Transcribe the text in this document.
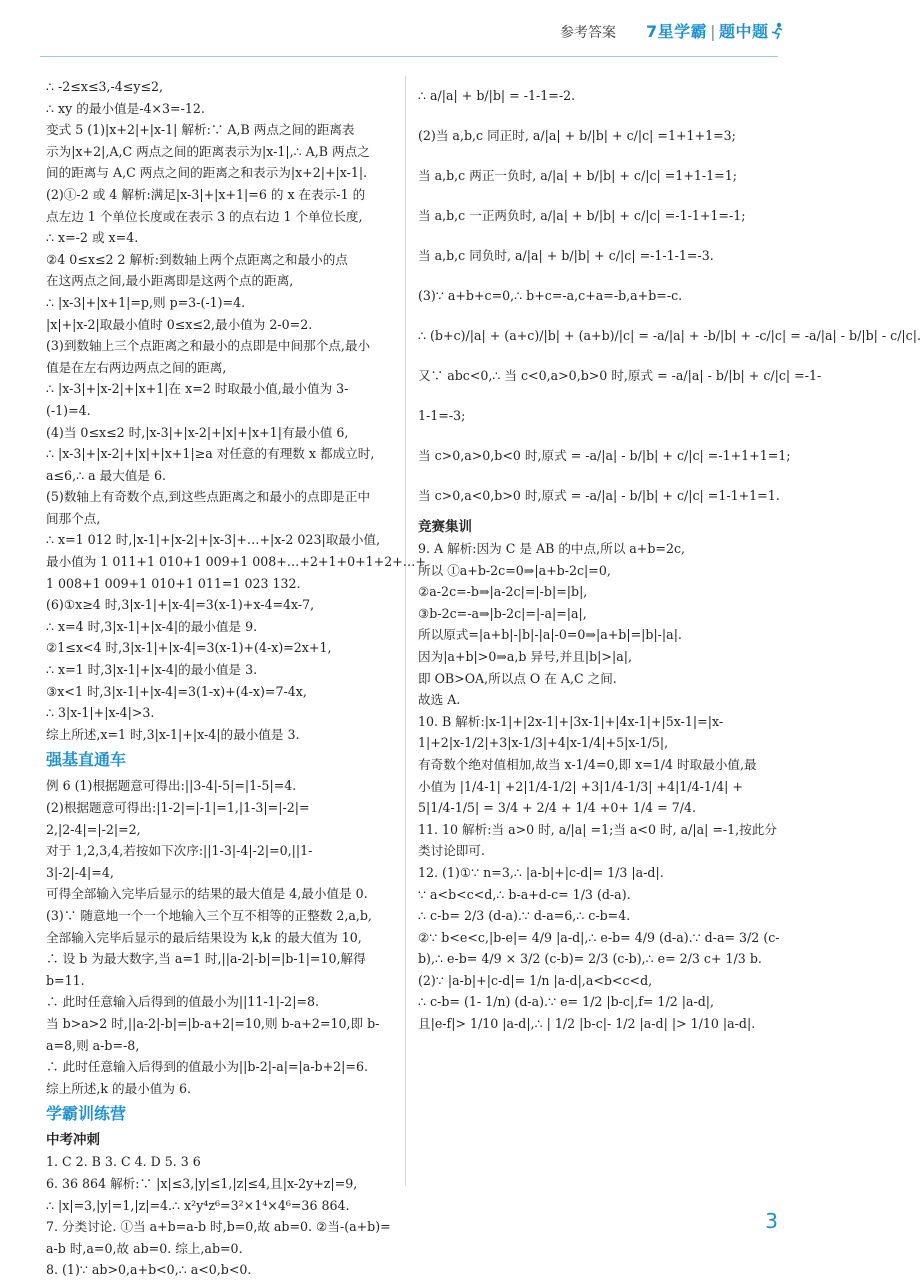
参考答案 7星学霸 | 题中题
∴ -2≤x≤3,-4≤y≤2,
∴ xy 的最小值是-4×3=-12.
变式 5 (1)|x+2|+|x-1| 解析:∵ A,B 两点之间的距离表
示为|x+2|,A,C 两点之间的距离表示为|x-1|,∴ A,B 两点之
间的距离与 A,C 两点之间的距离之和表示为|x+2|+|x-1|.
(2)①-2 或 4 解析:满足|x-3|+|x+1|=6 的 x 在表示-1 的
点左边 1 个单位长度或在表示 3 的点右边 1 个单位长度,
∴ x=-2 或 x=4.
②4 0≤x≤2 2 解析:到数轴上两个点距离之和最小的点
在这两点之间,最小距离即是这两个点的距离,
∴ |x-3|+|x+1|=p,则 p=3-(-1)=4.
|x|+|x-2|取最小值时 0≤x≤2,最小值为 2-0=2.
(3)到数轴上三个点距离之和最小的点即是中间那个点,最小
值是在左右两边两点之间的距离,
∴ |x-3|+|x-2|+|x+1|在 x=2 时取最小值,最小值为 3-
(-1)=4.
(4)当 0≤x≤2 时,|x-3|+|x-2|+|x|+|x+1|有最小值 6,
∴ |x-3|+|x-2|+|x|+|x+1|≥a 对任意的有理数 x 都成立时,
a≤6,∴ a 最大值是 6.
(5)数轴上有奇数个点,到这些点距离之和最小的点即是正中
间那个点,
∴ x=1 012 时,|x-1|+|x-2|+|x-3|+…+|x-2 023|取最小值,
最小值为 1 011+1 010+1 009+1 008+…+2+1+0+1+2+…+
1 008+1 009+1 010+1 011=1 023 132.
(6)①x≥4 时,3|x-1|+|x-4|=3(x-1)+x-4=4x-7,
∴ x=4 时,3|x-1|+|x-4|的最小值是 9.
②1≤x<4 时,3|x-1|+|x-4|=3(x-1)+(4-x)=2x+1,
∴ x=1 时,3|x-1|+|x-4|的最小值是 3.
③x<1 时,3|x-1|+|x-4|=3(1-x)+(4-x)=7-4x,
∴ 3|x-1|+|x-4|>3.
综上所述,x=1 时,3|x-1|+|x-4|的最小值是 3.
强基直通车
例 6 (1)根据题意可得出:||3-4|-5|=|1-5|=4.
(2)根据题意可得出:|1-2|=|-1|=1,|1-3|=|-2|=
2,|2-4|=|-2|=2,
对于 1,2,3,4,若按如下次序:||1-3|-4|-2|=0,||1-
3|-2|-4|=4,
可得全部输入完毕后显示的结果的最大值是 4,最小值是 0.
(3)∵ 随意地一个一个地输入三个互不相等的正整数 2,a,b,
全部输入完毕后显示的最后结果设为 k,k 的最大值为 10,
∴ 设 b 为最大数字,当 a=1 时,||a-2|-b|=|b-1|=10,解得
b=11.
∴ 此时任意输入后得到的值最小为||11-1|-2|=8.
当 b>a>2 时,||a-2|-b|=|b-a+2|=10,则 b-a+2=10,即 b-
a=8,则 a-b=-8,
∴ 此时任意输入后得到的值最小为||b-2|-a|=|a-b+2|=6.
综上所述,k 的最小值为 6.
学霸训练营
中考冲刺
1. C 2. B 3. C 4. D 5. 3 6
6. 36 864 解析:∵ |x|≤3,|y|≤1,|z|≤4,且|x-2y+z|=9,
∴ |x|=3,|y|=1,|z|=4.∴ x²y⁴z⁶=3²×1⁴×4⁶=36 864.
7. 分类讨论. ①当 a+b=a-b 时,b=0,故 ab=0. ②当-(a+b)=
a-b 时,a=0,故 ab=0. 综上,ab=0.
8. (1)∵ ab>0,a+b<0,∴ a<0,b<0.
∴ a/|a| + b/|b| = -1-1=-2.
(2)当 a,b,c 同正时, a/|a| + b/|b| + c/|c| =1+1+1=3;
当 a,b,c 两正一负时, a/|a| + b/|b| + c/|c| =1+1-1=1;
当 a,b,c 一正两负时, a/|a| + b/|b| + c/|c| =-1-1+1=-1;
当 a,b,c 同负时, a/|a| + b/|b| + c/|c| =-1-1-1=-3.
(3)∵ a+b+c=0,∴ b+c=-a,c+a=-b,a+b=-c.
∴ (b+c)/|a| + (a+c)/|b| + (a+b)/|c| = -a/|a| + -b/|b| + -c/|c| = -a/|a| - b/|b| - c/|c|.
又∵ abc<0,∴ 当 c<0,a>0,b>0 时,原式 = -a/|a| - b/|b| + c/|c| =-1-
1-1=-3;
当 c>0,a>0,b<0 时,原式 = -a/|a| - b/|b| + c/|c| =-1+1+1=1;
当 c>0,a<0,b>0 时,原式 = -a/|a| - b/|b| + c/|c| =1-1+1=1.
竞赛集训
9. A 解析:因为 C 是 AB 的中点,所以 a+b=2c,
所以 ①a+b-2c=0⇒|a+b-2c|=0,
②a-2c=-b⇒|a-2c|=|-b|=|b|,
③b-2c=-a⇒|b-2c|=|-a|=|a|,
所以原式=|a+b|-|b|-|a|-0=0⇒|a+b|=|b|-|a|.
因为|a+b|>0⇒a,b 异号,并且|b|>|a|,
即 OB>OA,所以点 O 在 A,C 之间.
故选 A.
10. B 解析:|x-1|+|2x-1|+|3x-1|+|4x-1|+|5x-1|=|x-
1|+2|x-1/2|+3|x-1/3|+4|x-1/4|+5|x-1/5|,
有奇数个绝对值相加,故当 x-1/4=0,即 x=1/4 时取最小值,最
小值为 |1/4-1| +2|1/4-1/2| +3|1/4-1/3| +4|1/4-1/4| +
5|1/4-1/5| = 3/4 + 2/4 + 1/4 +0+ 1/4 = 7/4.
11. 10 解析:当 a>0 时, a/|a| =1;当 a<0 时, a/|a| =-1,按此分
类讨论即可.
12. (1)①∵ n=3,∴ |a-b|+|c-d|= 1/3 |a-d|.
∵ a<b<c<d,∴ b-a+d-c= 1/3 (d-a).
∴ c-b= 2/3 (d-a).∵ d-a=6,∴ c-b=4.
②∵ b<e<c,|b-e|= 4/9 |a-d|,∴ e-b= 4/9 (d-a).∵ d-a= 3/2 (c-
b),∴ e-b= 4/9 × 3/2 (c-b)= 2/3 (c-b),∴ e= 2/3 c+ 1/3 b.
(2)∵ |a-b|+|c-d|= 1/n |a-d|,a<b<c<d,
∴ c-b= (1- 1/n) (d-a).∵ e= 1/2 |b-c|,f= 1/2 |a-d|,
且|e-f|> 1/10 |a-d|,∴ | 1/2 |b-c|- 1/2 |a-d| |> 1/10 |a-d|.
3
